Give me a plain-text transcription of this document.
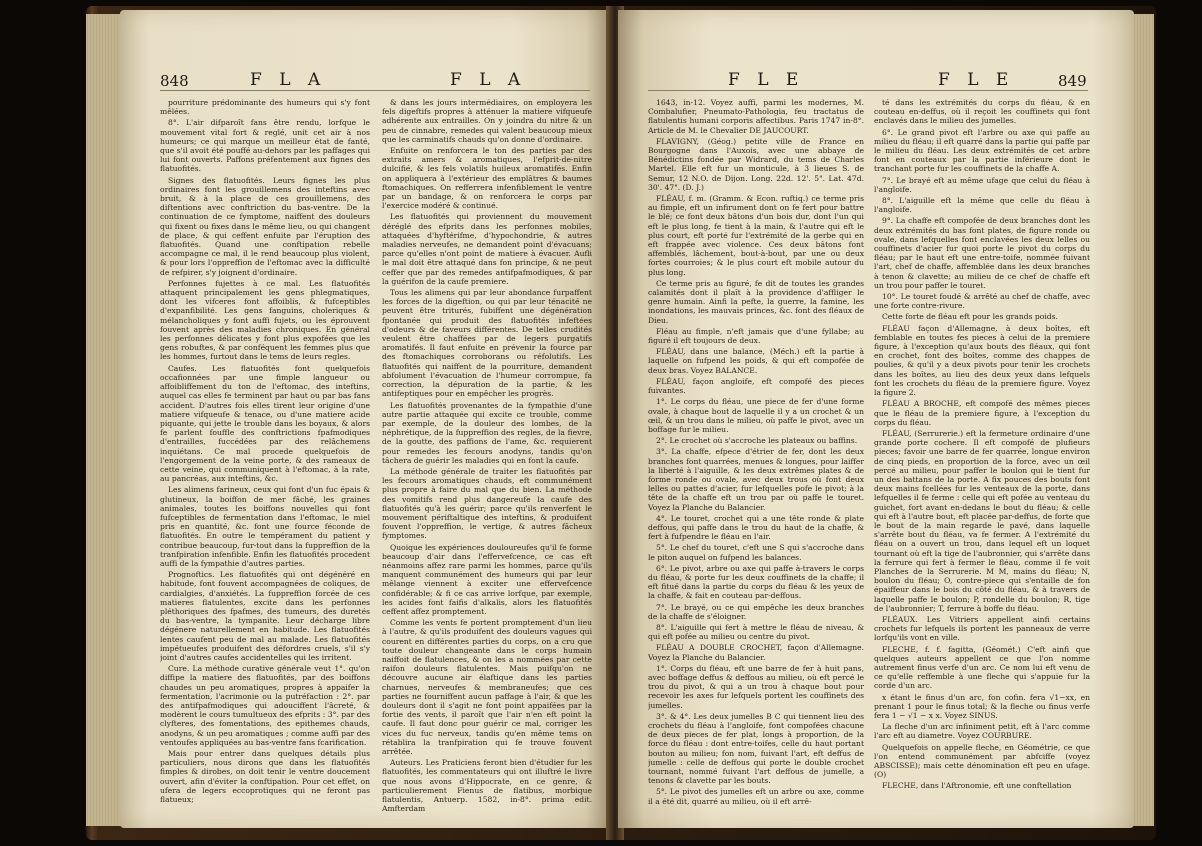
848	F L A	F L A

pourriture prédominante des humeurs qui s'y font mêlées.

8°. L'air difparoît fans être rendu, lorfque le mouvement vital fort & reglé, unit cet air à nos humeurs; ce qui marque un meilleur état de fanté, que s'il avoit été pouffé au-dehors par les paffages qui lui font ouverts. Paffons préfentement aux fignes des flatuofités.

Signes des flatuofités. Leurs fignes les plus ordinaires font les grouillemens des inteftins avec bruit, & à la place de ces grouillemens, des diftentions avec conftriction du bas-ventre. De la continuation de ce fymptome, naiffent des douleurs qui fixent ou fixes dans le même lieu, ou qui changent de place, & qui ceffent enfuite par l'éruption des flatuofités. Quand une conftipation rebelle accompagne ce mal, il le rend beaucoup plus violent, & pour lors l'oppreffion de l'eftomac avec la difficulté de refpirer, s'y joignent d'ordinaire.

Perfonnes fujettes à ce mal. Les flatuofités attaquent principalement les gens phlegmatiques, dont les vifceres font affoiblis, & fufceptibles d'expanfibilité. Les gens fanguins, choleriques & mélancholiques y font auffi fujets, ou les éprouvent fouvent après des maladies chroniques. En général les perfonnes délicates y font plus expofées que les gens robuftes, & par conféquent les femmes plus que les hommes, furtout dans le tems de leurs regles.

Caufes. Les flatuofités font quelquefois occafionnées par une fimple langueur ou affoibliffement du ton de l'eftomac, des inteftins, auquel cas elles fe terminent par haut ou par bas fans accident. D'autres fois elles tirent leur origine d'une matiere vifqueufe & tenace, ou d'une matiere acide piquante, qui jette le trouble dans les boyaux, & alors fe parlent fouffle des conftrictions fpafmodiques d'entrailles, fuccédées par des relâchemens inquiétans. Ce mal procede quelquefois de l'engorgement de la veine porte, & des rameaux de cette veine, qui communiquent à l'eftomac, à la rate, au pancréas, aux inteftins, &c.

Les alimens farineux, ceux qui font d'un fuc épais & glutineux, la boiffon de mer fâché, les graines animales, toutes les boiffons nouvelles qui font fufceptibles de fermentation dans l'eftomac, le miel pris en quantité, &c. font une fource féconde de flatuofités. En outre le tempérament du patient y contribue beaucoup, fur-tout dans la fuppreffion de la tranfpiration infenfible. Enfin les flatuofités procedent auffi de la fympathie d'autres parties.

Prognoftics. Les flatuofités qui ont dégénéré en habitude, font fouvent accompagnées de coliques, de cardialgies, d'anxiétés. La fuppreffion forcée de ces matieres flatulentes, excite dans les perfonnes pléthoriques des fpafmes, des tumeurs, des duretés du bas-ventre, la tympanite. Leur décharge libre dégénere naturellement en habitude. Les flatuofités lentes caufent peu de mal au malade. Les flatuofités impétueufes produifent des défordres cruels, s'il s'y joint d'autres caufes accidentelles qui les irritent.

Cure. La méthode curative générale veut 1°. qu'on diffipe la matiere des flatuofités, par des boiffons chaudes un peu aromatiques, propres à appaifer la fermentation, l'acrimonie ou la putréfaction : 2°. par des antifpafmodiques qui adouciffent l'âcreté, & modèrent le cours tumultueux des efprits : 3°. par des clyfteres, des fomentations, des epithemes chauds, anodyns, & un peu aromatiques ; comme auffi par des ventoufes appliquées au bas-ventre fans fcarification.

Mais pour entrer dans quelques détails plus particuliers, nous dirons que dans les flatuofités fimples & dirobes, on doit tenir le ventre doucement ouvert, afin d'éviter la conftipation. Pour cet effet, on ufera de legers eccoprotiques qui ne feront pas flatueux;

& dans les jours intermédiaires, on employera les fels digeftifs propres à atténuer la matiere vifqueufe adhérente aux entrailles. On y joindra du nitre & un peu de cinnabre, remedes qui valent beaucoup mieux que les carminatifs chauds qu'on donne d'ordinaire.

Enfuite on renforcera le ton des parties par des extraits amers & aromatiques, l'efprit-de-nitre dulcifié, & les fels volatils huileux aromatifés. Enfin on appliquera à l'extérieur des emplâtres & baumes ftomachiques. On refferrera infenfiblement le ventre par un bandage, & on renforcera le corps par l'exercice modéré & continué.

Les flatuofités qui proviennent du mouvement déréglé des efprits dans les perfonnes mobiles, attaquées d'hyftérifme, d'hypochondrie, & autres maladies nerveufes, ne demandent point d'évacuans; parce qu'elles n'ont point de matiere à évacuer. Aufli le mal doit être attaqué dans fon principe, & ne peut ceffer que par des remedes antifpafmodiques, & par la guérifon de la caufe premiere.

Tous les alimens qui par leur abondance furpaffent les forces de la digeftion, ou qui par leur ténacité ne peuvent être triturés, fubiffent une dégénération fpontanée qui produit des flatuofités infeftées d'odeurs & de faveurs différentes. De telles crudités veulent être chaffées par de legers purgatifs aromatifés. Il faut enfuite en prévenir la fource par des ftomachiques corroborans ou réfolutifs. Les flatuofités qui naiffent de la pourriture, demandent abfolument l'évacuation de l'humeur corrompue, fa correction, la dépuration de la partie, & les antifeptiques pour en empêcher les progrès.

Les flatuofités provenantes de la fympathie d'une autre partie attaquée qui excite ce trouble, comme par exemple, de la douleur des lombes, de la néphrétique, de la fuppreffion des regles, de la fievre, de la goutte, des paffions de l'ame, &c. requierent pour remedes les fecours anodyns, tandis qu'on tâchera de guérir les maladies qui en font la caufe.

La méthode générale de traiter les flatuofités par les fecours aromatiques chauds, eft communément plus propre à faire du mal que du bien. La méthode des vomitifs rend plus dangereufe la caufe des flatuofités qu'à les guérir; parce qu'ils renverfent le mouvement périftaltique des inteftins, & produifent fouvent l'oppreffion, le vertige, & autres fâcheux fymptomes.

Quoique les expériences douloureufes qu'il fe forme beaucoup d'air dans l'effervefcence, ce cas eft néanmoins affez rare parmi les hommes, parce qu'ils manquent communément des humeurs qui par leur mêlange viennent à exciter une effervefcence confidérable; & fi ce cas arrive lorfque, par exemple, les acides font faifis d'alkalis, alors les flatuofités ceffent affez promptement.

Comme les vents fe portent promptement d'un lieu à l'autre, & qu'ils produifent des douleurs vagues qui courent en différentes parties du corps, on a cru que toute douleur changeante dans le corps humain naiffoit de flatulences, & on les a nommées par cette raifon douleurs flatulentes. Mais puifqu'on ne découvre aucune air élaftique dans les parties charnues, nerveufes & membraneufes; que ces parties ne fourniffent aucun paffage à l'air, & que les douleurs dont il s'agit ne font point appaifées par la fortie des vents, il paroît que l'air n'en eft point la caufe. Il faut donc pour guérir ce mal, corriger les vices du fuc nerveux, tandis qu'en même tems on rétablira la tranfpiration qui fe trouve fouvent arrêtée.

Auteurs. Les Praticiens feront bien d'étudier fur les flatuofités, les commentateurs qui ont illuftré le livre que nous avons d'Hippocrate, en ce genre, & particulierement Fienus de flatibus, morbique flatulentis, Antuerp. 1582, in-8°. prima edit. Amfterdam

F L E	F L E	849

1643, in-12. Voyez auffi, parmi les modernes, M. Combalufier, Pneumato-Pathologia, feu tractatus de flatulentis humani corporis affectibus. Paris 1747 in-8°. Article de M. le Chevalier DE JAUCOURT.

FLAVIGNY, (Géog.) petite ville de France en Bourgogne dans l'Auxois, avec une abbaye de Bénédictins fondée par Widrard, du tems de Charles Martel. Elle eft fur un monticule, à 3 lieues S. de Semur, 12 N.O. de Dijon. Long. 22d. 12'. 5". Lat. 47d. 30'. 47". (D. J.)

FLÉAU, f. m. (Gramm. & Econ. ruftiq.) ce terme pris au fimple, eft un infirument dont on fe fert pour battre le blé; ce font deux bâtons d'un bois dur, dont l'un qui eft le plus long, fe tient à la main, & l'autre qui eft le plus court, eft porté fur l'extrémité de la gerbe qui en eft frappée avec violence. Ces deux bâtons font affemblés, lâchement, bout-à-bout, par une ou deux fortes courroies; & le plus court eft mobile autour du plus long.

Ce terme pris au figuré, fe dit de toutes les grandes calamités dont il plaît à la providence d'affliger le genre humain. Ainfi la pefte, la guerre, la famine, les inondations, les mauvais princes, &c. font des fléaux de Dieu.

Fléau au fimple, n'eft jamais que d'une fyllabe; au figuré il eft toujours de deux.

FLÉAU, dans une balance, (Méch.) eft la partie à laquelle on fufpend les poids, & qui eft compofée de deux bras. Voyez BALANCE.

FLÉAU, façon angloife, eft compofé des pieces fuivantes.

1°. Le corps du fléau, une piece de fer d'une forme ovale, à chaque bout de laquelle il y a un crochet & un œil, & un trou dans le milieu, où paffe le pivot, avec un boffage fur le milieu.

2°. Le crochet où s'accroche les plateaux ou baffins.

3°. La chaffe, efpece d'étrier de fer, dont les deux branches font quarrées, menues & longues, pour laiffer la liberté à l'aiguille, & les deux extrêmes plates & de forme ronde ou ovale, avec deux trous où font deux lelles ou pattes d'acier, fur lefquelles pofe le pivot; à la tête de la chaffe eft un trou par où paffe le touret. Voyez la Planche du Balancier.

4°. Le touret, crochet qui a une tête ronde & plate deffous, qui paffe dans le trou du haut de la chaffe, & fert à fufpendre le fléau en l'air.

5°. Le chef du touret, c'eft une S qui s'accroche dans le piton auquel on fufpend les balances.

6°. Le pivot, arbre ou axe qui paffe à-travers le corps du fléau, & porte fur les deux couffinets de la chaffe; il eft fitué dans la partie du corps du fléau & les yeux de la chaffe, & fait en couteau par-deffous.

7°. Le brayé, ou ce qui empêche les deux branches de la chaffe de s'éloigner.

8°. L'aiguille qui fert à mettre le fléau de niveau, & qui eft pofée au milieu ou centre du pivot.

FLÉAU A DOUBLE CROCHET, façon d'Allemagne. Voyez la Planche du Balancier.

1°. Corps du fléau, eft une barre de fer à huit pans, avec boffage deffus & deffous au milieu, où eft percé le trou du pivot, & qui a un trou à chaque bout pour recevoir les axes fur lefquels portent les couffinets des jumelles.

3°. & 4°. Les deux jumelles B C qui tiennent lieu des crochets du fléau à l'angloife, font compofées chacune de deux pieces de fer plat, longs à proportion, de la force du fléau : dont entre-toifes, celle du haut portant bouton au milieu; fon nom, fuivant l'art, eft deffus de jumelle : celle de deffous qui porte le double crochet tournant, nommé fuivant l'art deffous de jumelle, a tenons & clavette par les bouts.

5°. Le pivot des jumelles eft un arbre ou axe, comme il a été dit, quarré au milieu, où il eft arrê-

té dans les extrémités du corps du fléau, & en couteau en-deffus, où il reçoit les couffinets qui font enclavés dans le milieu des jumelles.

6°. Le grand pivot eft l'arbre ou axe qui paffe au milieu du fléau; il eft quarré dans la partie qui paffe par le milieu du fléau. Les deux extrémités de cet arbre font en couteaux par la partie inférieure dont le tranchant porte fur les couffinets de la chaffe A.

7°. Le brayé eft au même ufage que celui du fléau à l'angloife.

8°. L'aiguille eft la même que celle du fléau à l'angloife.

9°. La chaffe eft compofée de deux branches dont les deux extrémités du bas font plates, de figure ronde ou ovale, dans lefquelles font enclavées les deux lelles ou couffinets d'acier fur quoi porte le pivot du corps du fléau; par le haut eft une entre-toife, nommée fuivant l'art, chef de chaffe, affemblée dans les deux branches à tenon & clavette; au milieu de ce chef de chaffe eft un trou pour paffer le touret.

10°. Le touret foudé & arrêté au chef de chaffe, avec une forte contre-rivure.

Cette forte de fléau eft pour les grands poids.

FLÉAU façon d'Allemagne, à deux boîtes, eft femblable en toutes fes pieces à celui de la premiere figure, à l'exception qu'aux bouts des fléaux, qui font en crochet, font des boîtes, comme des chappes de poulies, & qu'il y a deux pivots pour tenir les crochets dans les boîtes, au lieu des deux yeux dans lefquels font les crochets du fléau de la premiere figure. Voyez la figure 2.

FLÉAU A BROCHE, eft compofé des mêmes pieces que le fléau de la premiere figure, à l'exception du corps du fléau.

FLÉAU, (Serrurerie.) eft la fermeture ordinaire d'une grande porte cochere. Il eft compofé de plufieurs pieces; favoir une barre de fer quarrée, longue environ de cinq pieds, en proportion de la force, avec un œil percé au milieu, pour paffer le boulon qui le tient fur un des battans de la porte. A fix pouces des bouts font deux mains fcellées fur les venteaux de la porte, dans lefquelles il fe ferme : celle qui eft pofée au venteau du guichet, fort avant en-dedans le bout du fléau; & celle qui eft à l'autre bout, eft placée par-deffus, de forte que le bout de la main regarde le pavé, dans laquelle s'arrête bout du fléau, va fe fermer. A l'extrémité du fléau on a ouvert un trou, dans lequel eft un loquet tournant où eft la tige de l'aubronnier, qui s'arrête dans la ferrure qui fert à fermer le fléau, comme il fe voit Planches de la Serrurerie. M M, mains du fléau; N, boulon du fléau; O, contre-piece qui s'entaille de fon épaiffeur dans le bois du côté du fléau, & à travers de laquelle paffe le boulon; P, rondelle du boulon; R, tige de l'aubronnier; T, ferrure à boffe du fléau.

FLÉAUX. Les Vitriers appellent ainfi certains crochets fur lefquels ils portent les panneaux de verre lorfqu'ils vont en ville.

FLECHE, f. f. fagitta, (Géomét.) C'eft ainfi que quelques auteurs appellent ce que l'on nomme autrement finus verfe d'un arc. Ce nom lui eft venu de ce qu'elle reffemble à une fleche qui s'appuie fur la corde d'un arc.

x étant le finus d'un arc, fon cofin. fera √1−xx, en prenant 1 pour le finus total; & la fleche ou finus verfe fera 1 − √1 − x x. Voyez SINUS.

La fleche d'un arc infiniment petit, eft à l'arc comme l'arc eft au diametre. Voyez COURBURE.

Quelquefois on appelle fleche, en Géométrie, ce que l'on entend communément par abfciffe (voyez ABSCISSE); mais cette dénomination eft peu en ufage. (O)

FLECHE, dans l'Aftronomie, eft une conftellation
